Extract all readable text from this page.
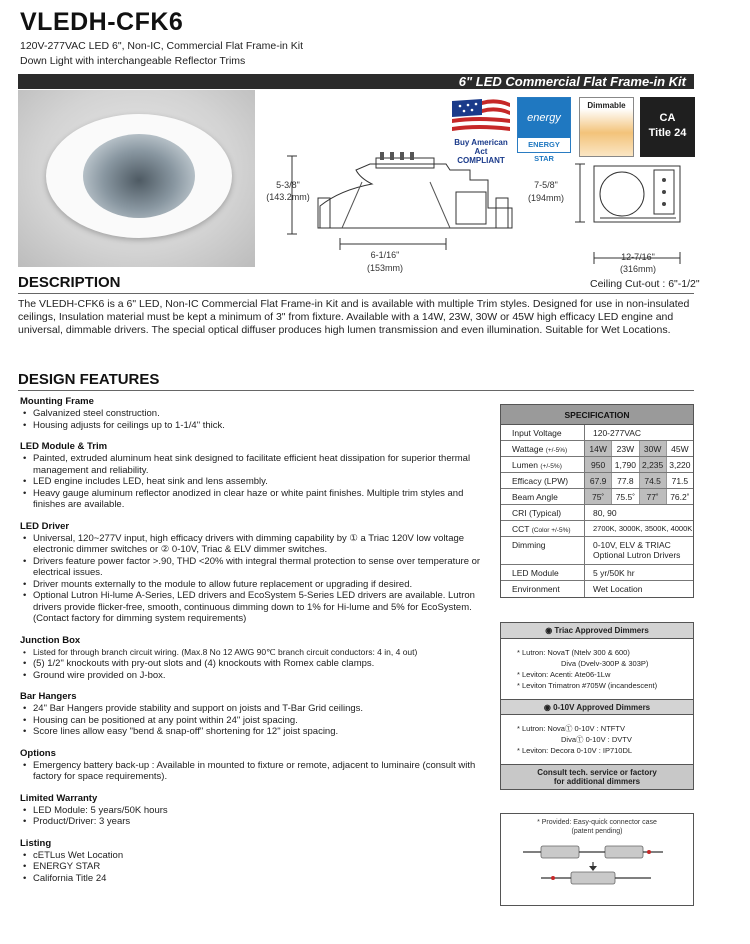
VLEDH-CFK6
120V-277VAC LED 6", Non-IC, Commercial Flat Frame-in Kit
Down Light with interchangeable Reflector Trims
6" LED Commercial Flat Frame-in Kit
Buy American Act
COMPLIANT
energy
ENERGY STAR
Dimmable
CA
Title 24
5-3/8"
(143.2mm)
6-1/16"
(153mm)
7-5/8"
(194mm)
12-7/16"
(316mm)
Ceiling Cut-out : 6"-1/2"
DESCRIPTION
The VLEDH-CFK6 is a 6" LED, Non-IC Commercial Flat Frame-in Kit and is available with multiple Trim styles. Designed for use in non-insulated ceilings, Insulation material must be kept a minimum of 3" from fixture. Available with a 14W, 23W, 30W or 45W high efficacy LED engine and universal, dimmable drivers. The special optical diffuser produces high lumen transmission and even illumination. Suitable for Wet Locations.
DESIGN FEATURES
Mounting Frame
• Galvanized steel construction.
• Housing adjusts for ceilings up to 1-1/4" thick.
LED Module & Trim
• Painted, extruded aluminum heat sink designed to facilitate efficient heat dissipation for superior thermal management and reliability.
• LED engine includes LED, heat sink and lens assembly.
• Heavy gauge aluminum reflector anodized in clear haze or white paint finishes. Multiple trim styles and finishes are available.
LED Driver
• Universal, 120~277V input, high efficacy drivers with dimming capability by ① a Triac 120V low voltage electronic dimmer switches or ② 0-10V, Triac & ELV dimmer switches.
• Drivers feature power factor >.90, THD <20% with integral thermal protection to sense over temperature or electrical issues.
• Driver mounts externally to the module to allow future replacement or upgrading if desired.
• Optional Lutron Hi-lume A-Series, LED drivers and EcoSystem 5-Series LED drivers are available. Lutron drivers provide flicker-free, smooth, continuous dimming down to 1% for Hi-lume and 5% for EcoSystem. (Contact factory for dimming system requirements)
Junction Box
• Listed for through branch circuit wiring. (Max.8 No 12 AWG 90℃ branch circuit conductors: 4 in, 4 out)
• (5) 1/2" knockouts with pry-out slots and (4) knockouts with Romex cable clamps.
• Ground wire provided on J-box.
Bar Hangers
• 24" Bar Hangers provide stability and support on joists and T-Bar Grid ceilings.
• Housing can be positioned at any point within 24" joist spacing.
• Score lines allow easy "bend & snap-off" shortening for 12" joist spacing.
Options
• Emergency battery back-up : Available in mounted to fixture or remote, adjacent to luminaire (consult with factory for space requirements).
Limited Warranty
• LED Module: 5 years/50K hours
• Product/Driver: 3 years
Listing
• cETLus Wet Location
• ENERGY STAR
• California Title 24
SPECIFICATION
Input Voltage	120-277VAC
Wattage (+/-5%)	14W	23W	30W	45W
Lumen (+/-5%)	950	1,790 2,235 3,220
Efficacy (LPW)	67.9	77.8	74.5	71.5
Beam Angle	75˚	75.5˚	77˚	76.2˚
CRI (Typical)	80, 90
CCT (Color +/-5%)	2700K, 3000K, 3500K, 4000K
Dimming	0-10V, ELV & TRIAC
Optional Lutron Drivers
LED Module	5 yr/50K hr
Environment	Wet Location
◉ Triac Approved Dimmers
* Lutron: NovaT (Ntelv 300 & 600)
Diva (Dvelv-300P & 303P)
* Leviton: Acenti: Ate06-1Lw
* Leviton Trimatron #705W (incandescent)
◉ 0-10V Approved Dimmers
* Lutron: NovaⓉ 0-10V : NTFTV
DivaⓉ 0-10V : DVTV
* Leviton: Decora 0-10V : IP710DL
Consult tech. service or factory
for additional dimmers
* Provided: Easy-quick connector case
(patent pending)
